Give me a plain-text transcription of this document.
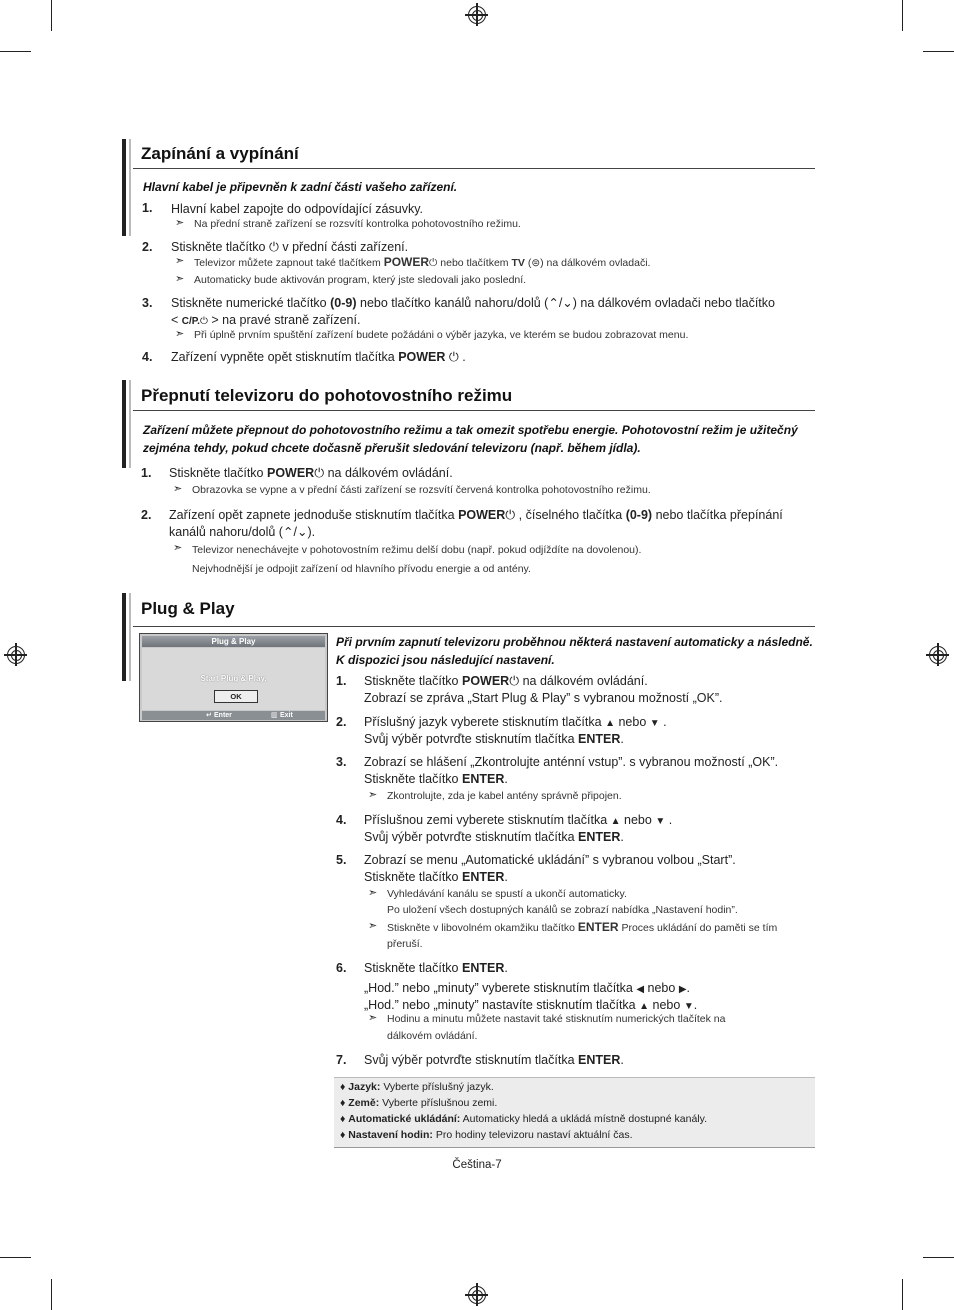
Zapínání a vypínání
Hlavní kabel je připevněn k zadní části vašeho zařízení.
1. Hlavní kabel zapojte do odpovídající zásuvky.
➣ Na přední straně zařízení se rozsvítí kontrolka pohotovostního režimu.
2. Stiskněte tlačítko ⏻ v přední části zařízení.
➣ Televizor můžete zapnout také tlačítkem POWER⏻ nebo tlačítkem TV (⊜) na dálkovém ovladači.
➣ Automaticky bude aktivován program, který jste sledovali jako poslední.
3. Stiskněte numerické tlačítko (0-9) nebo tlačítko kanálů nahoru/dolů (⌃/⌄) na dálkovém ovladači nebo tlačítko
< C/P.⏻ > na pravé straně zařízení.
➣ Při úplně prvním spuštění zařízení budete požádáni o výběr jazyka, ve kterém se budou zobrazovat menu.
4. Zařízení vypněte opět stisknutím tlačítka POWER ⏻ .
Přepnutí televizoru do pohotovostního režimu
Zařízení můžete přepnout do pohotovostního režimu a tak omezit spotřebu energie. Pohotovostní režim je užitečný zejména tehdy, pokud chcete dočasně přerušit sledování televizoru (např. během jídla).
1. Stiskněte tlačítko POWER⏻ na dálkovém ovládání.
➣ Obrazovka se vypne a v přední části zařízení se rozsvítí červená kontrolka pohotovostního režimu.
2. Zařízení opět zapnete jednoduše stisknutím tlačítka POWER⏻ , číselného tlačítka (0-9) nebo tlačítka přepínání
kanálů nahoru/dolů (⌃/⌄).
➣ Televizor nenechávejte v pohotovostním režimu delší dobu (např. pokud odjíždíte na dovolenou).
Nejvhodnější je odpojit zařízení od hlavního přívodu energie a od antény.
Plug & Play
Plug & Play
Start Plug & Play.
OK
↵ Enter	▥ Exit
Při prvním zapnutí televizoru proběhnou některá nastavení automaticky a následně. K dispozici jsou následující nastavení.
1. Stiskněte tlačítko POWER⏻ na dálkovém ovládání.
Zobrazí se zpráva „Start Plug & Play” s vybranou možností „OK”.
2. Příslušný jazyk vyberete stisknutím tlačítka ▲ nebo ▼ .
Svůj výběr potvrďte stisknutím tlačítka ENTER.
3. Zobrazí se hlášení „Zkontrolujte anténní vstup”. s vybranou možností „OK”.
Stiskněte tlačítko ENTER.
➣ Zkontrolujte, zda je kabel antény správně připojen.
4. Příslušnou zemi vyberete stisknutím tlačítka ▲ nebo ▼ .
Svůj výběr potvrďte stisknutím tlačítka ENTER.
5. Zobrazí se menu „Automatické ukládání” s vybranou volbou „Start”.
Stiskněte tlačítko ENTER.
➣ Vyhledávání kanálu se spustí a ukončí automaticky.
Po uložení všech dostupných kanálů se zobrazí nabídka „Nastavení hodin”.
➣ Stiskněte v libovolném okamžiku tlačítko ENTER Proces ukládání do paměti se tím
přeruší.
6. Stiskněte tlačítko ENTER.
„Hod.” nebo „minuty” vyberete stisknutím tlačítka ◀ nebo ▶.
„Hod.” nebo „minuty” nastavíte stisknutím tlačítka ▲ nebo ▼.
➣ Hodinu a minutu můžete nastavit také stisknutím numerických tlačítek na
dálkovém ovládání.
7. Svůj výběr potvrďte stisknutím tlačítka ENTER.
♦ Jazyk: Vyberte příslušný jazyk.
♦ Země: Vyberte příslušnou zemi.
♦ Automatické ukládání: Automaticky hledá a ukládá místně dostupné kanály.
♦ Nastavení hodin: Pro hodiny televizoru nastaví aktuální čas.
Čeština-7
